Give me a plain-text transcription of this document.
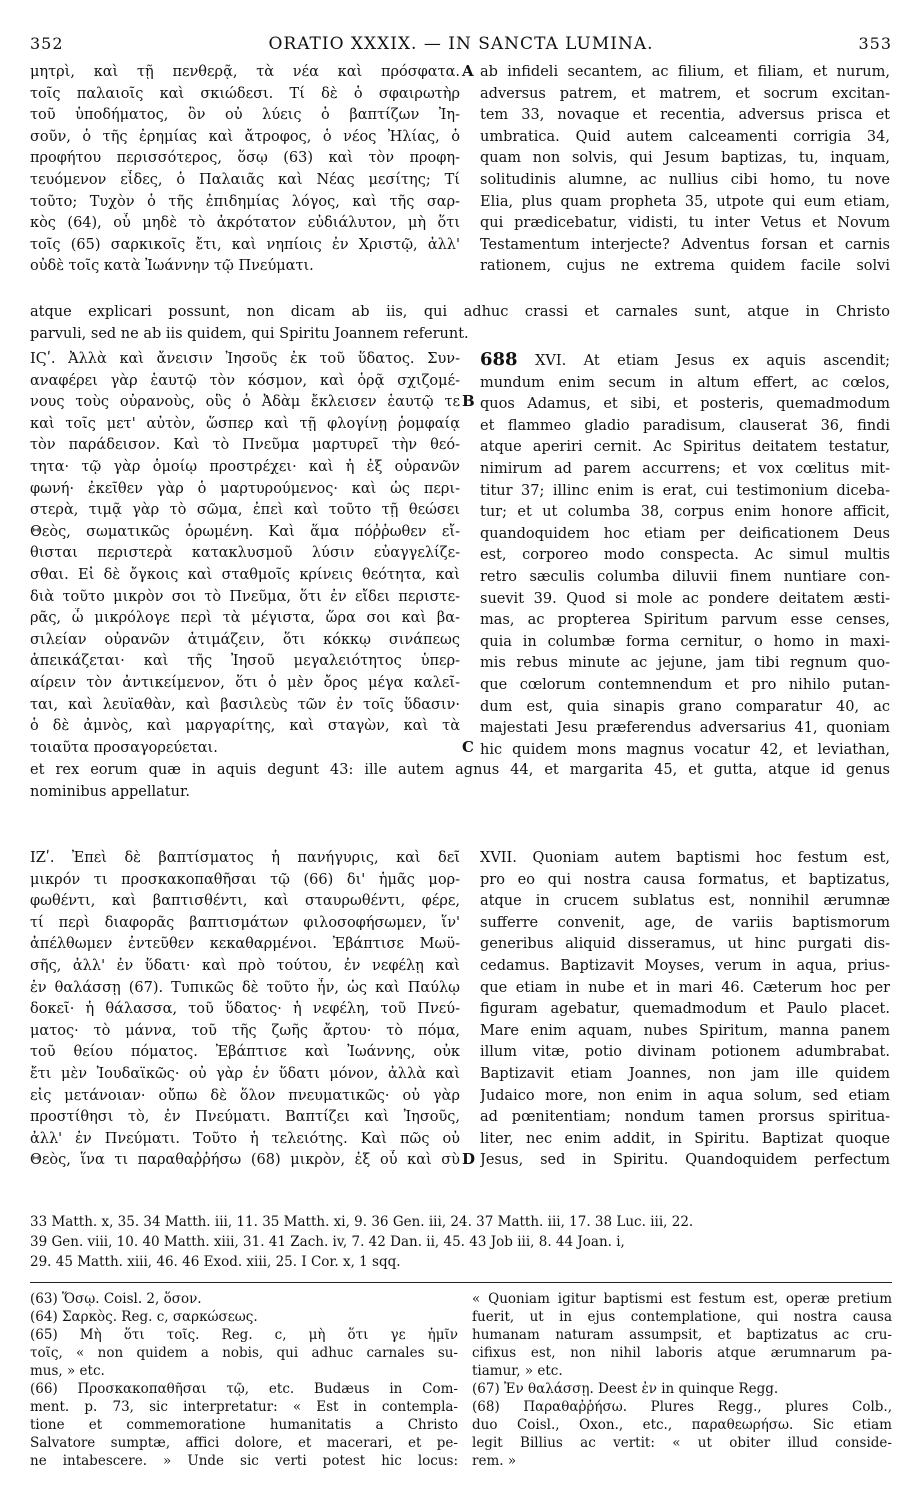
352	ORATIO XXXIX. — IN SANCTA LUMINA.	353
μητρὶ, καὶ τῇ πενθερᾷ, τὰ νέα καὶ πρόσφατα.
τοῖς παλαιοῖς καὶ σκιώδεσι. Τί δὲ ὁ σφαιρωτὴρ
τοῦ ὑποδήματος, ὃν οὐ λύεις ὁ βαπτίζων Ἰη-
σοῦν, ὁ τῆς ἐρημίας καὶ ἄτροφος, ὁ νέος Ἠλίας, ὁ
προφήτου περισσότερος, ὅσῳ (63) καὶ τὸν προφη-
τευόμενον εἶδες, ὁ Παλαιᾶς καὶ Νέας μεσίτης; Τί
τοῦτο; Τυχὸν ὁ τῆς ἐπιδημίας λόγος, καὶ τῆς σαρ-
κὸς (64), οὗ μηδὲ τὸ ἀκρότατον εὐδιάλυτον, μὴ ὅτι
τοῖς (65) σαρκικοῖς ἔτι, καὶ νηπίοις ἐν Χριστῷ, ἀλλ'
οὐδὲ τοῖς κατὰ Ἰωάννην τῷ Πνεύματι.
A ab infideli secantem, ac filium, et filiam, et nurum,
adversus patrem, et matrem, et socrum excitan-
tem 33, novaque et recentia, adversus prisca et
umbratica. Quid autem calceamenti corrigia 34,
quam non solvis, qui Jesum baptizas, tu, inquam,
solitudinis alumne, ac nullius cibi homo, tu nove
Elia, plus quam propheta 35, utpote qui eum etiam,
qui prædicebatur, vidisti, tu inter Vetus et Novum
Testamentum interjecte? Adventus forsan et carnis
rationem, cujus ne extrema quidem facile solvi
atque explicari possunt, non dicam ab iis, qui adhuc crassi et carnales sunt, atque in Christo
parvuli, sed ne ab iis quidem, qui Spiritu Joannem referunt.
ΙϚʹ. Ἀλλὰ καὶ ἄνεισιν Ἰησοῦς ἐκ τοῦ ὕδατος. Συν-
αναφέρει γὰρ ἑαυτῷ τὸν κόσμον, καὶ ὁρᾷ σχιζομέ-
νους τοὺς οὐρανοὺς, οὓς ὁ Ἀδὰμ ἔκλεισεν ἑαυτῷ τε
καὶ τοῖς μετ' αὐτὸν, ὥσπερ καὶ τῇ φλογίνῃ ῥομφαίᾳ
τὸν παράδεισον. Καὶ τὸ Πνεῦμα μαρτυρεῖ τὴν θεό-
τητα· τῷ γὰρ ὁμοίῳ προστρέχει· καὶ ἡ ἐξ οὐρανῶν
φωνή· ἐκεῖθεν γὰρ ὁ μαρτυρούμενος· καὶ ὡς περι-
στερὰ, τιμᾷ γὰρ τὸ σῶμα, ἐπεὶ καὶ τοῦτο τῇ θεώσει
Θεὸς, σωματικῶς ὁρωμένη. Καὶ ἅμα πόῤῥωθεν εἴ-
θισται περιστερὰ κατακλυσμοῦ λύσιν εὐαγγελίζε-
σθαι. Εἰ δὲ ὄγκοις καὶ σταθμοῖς κρίνεις θεότητα, καὶ
διὰ τοῦτο μικρὸν σοι τὸ Πνεῦμα, ὅτι ἐν εἴδει περιστε-
ρᾶς, ὦ μικρόλογε περὶ τὰ μέγιστα, ὥρα σοι καὶ βα-
σιλείαν οὐρανῶν ἀτιμάζειν, ὅτι κόκκῳ σινάπεως
ἀπεικάζεται· καὶ τῆς Ἰησοῦ μεγαλειότητος ὑπερ-
αίρειν τὸν ἀντικείμενον, ὅτι ὁ μὲν ὄρος μέγα καλεῖ-
ται, καὶ λευϊαθὰν, καὶ βασιλεὺς τῶν ἐν τοῖς ὕδασιν·
ὁ δὲ ἀμνὸς, καὶ μαργαρίτης, καὶ σταγὼν, καὶ τὰ
τοιαῦτα προσαγορεύεται.
B
C
688 XVI. At etiam Jesus ex aquis ascendit;
mundum enim secum in altum effert, ac cœlos,
quos Adamus, et sibi, et posteris, quemadmodum
et flammeo gladio paradisum, clauserat 36, findi
atque aperiri cernit. Ac Spiritus deitatem testatur,
nimirum ad parem accurrens; et vox cœlitus mit-
titur 37; illinc enim is erat, cui testimonium diceba-
tur; et ut columba 38, corpus enim honore afficit,
quandoquidem hoc etiam per deificationem Deus
est, corporeo modo conspecta. Ac simul multis
retro sæculis columba diluvii finem nuntiare con-
suevit 39. Quod si mole ac pondere deitatem æsti-
mas, ac propterea Spiritum parvum esse censes,
quia in columbæ forma cernitur, o homo in maxi-
mis rebus minute ac jejune, jam tibi regnum quo-
que cœlorum contemnendum et pro nihilo putan-
dum est, quia sinapis grano comparatur 40, ac
majestati Jesu præferendus adversarius 41, quoniam
hic quidem mons magnus vocatur 42, et leviathan,
et rex eorum quæ in aquis degunt 43: ille autem agnus 44, et margarita 45, et gutta, atque id genus
nominibus appellatur.
ΙΖʹ. Ἐπεὶ δὲ βαπτίσματος ἡ πανήγυρις, καὶ δεῖ
μικρόν τι προσκακοπαθῆσαι τῷ (66) δι' ἡμᾶς μορ-
φωθέντι, καὶ βαπτισθέντι, καὶ σταυρωθέντι, φέρε,
τί περὶ διαφορᾶς βαπτισμάτων φιλοσοφήσωμεν, ἵν'
ἀπέλθωμεν ἐντεῦθεν κεκαθαρμένοι. Ἐβάπτισε Μωϋ-
σῆς, ἀλλ' ἐν ὕδατι· καὶ πρὸ τούτου, ἐν νεφέλῃ καὶ
ἐν θαλάσσῃ (67). Τυπικῶς δὲ τοῦτο ἦν, ὡς καὶ Παύλῳ
δοκεῖ· ἡ θάλασσα, τοῦ ὕδατος· ἡ νεφέλη, τοῦ Πνεύ-
ματος· τὸ μάννα, τοῦ τῆς ζωῆς ἄρτου· τὸ πόμα,
τοῦ θείου πόματος. Ἐβάπτισε καὶ Ἰωάννης, οὐκ
ἔτι μὲν Ἰουδαϊκῶς· οὐ γὰρ ἐν ὕδατι μόνον, ἀλλὰ καὶ
εἰς μετάνοιαν· οὔπω δὲ ὅλον πνευματικῶς· οὐ γὰρ
προστίθησι τὸ, ἐν Πνεύματι. Βαπτίζει καὶ Ἰησοῦς,
ἀλλ' ἐν Πνεύματι. Τοῦτο ἡ τελειότης. Καὶ πῶς οὐ
Θεὸς, ἵνα τι παραθαῤῥήσω (68) μικρὸν, ἐξ οὗ καὶ σὺ D
XVII. Quoniam autem baptismi hoc festum est,
pro eo qui nostra causa formatus, et baptizatus,
atque in crucem sublatus est, nonnihil ærumnæ
sufferre convenit, age, de variis baptismorum
generibus aliquid disseramus, ut hinc purgati dis-
cedamus. Baptizavit Moyses, verum in aqua, prius-
que etiam in nube et in mari 46. Cæterum hoc per
figuram agebatur, quemadmodum et Paulo placet.
Mare enim aquam, nubes Spiritum, manna panem
illum vitæ, potio divinam potionem adumbrabat.
Baptizavit etiam Joannes, non jam ille quidem
Judaico more, non enim in aqua solum, sed etiam
ad pœnitentiam; nondum tamen prorsus spiritua-
liter, nec enim addit, in Spiritu. Baptizat quoque
Jesus, sed in Spiritu. Quandoquidem perfectum
33 Matth. x, 35. 34 Matth. iii, 11. 35 Matth. xi, 9. 36 Gen. iii, 24. 37 Matth. iii, 17. 38 Luc. iii, 22.
39 Gen. viii, 10. 40 Matth. xiii, 31. 41 Zach. iv, 7. 42 Dan. ii, 45. 43 Job iii, 8. 44 Joan. i,
29. 45 Matth. xiii, 46. 46 Exod. xiii, 25. I Cor. x, 1 sqq.
(63) Ὅσῳ. Coisl. 2, ὅσον.
(64) Σαρκὸς. Reg. c, σαρκώσεως.
(65) Μὴ ὅτι τοῖς. Reg. c, μὴ ὅτι γε ἡμῖν
τοῖς, « non quidem a nobis, qui adhuc carnales su-
mus, » etc.
(66) Προσκακοπαθῆσαι τῷ, etc. Budæus in Com-
ment. p. 73, sic interpretatur: « Est in contempla-
tione et commemoratione humanitatis a Christo
Salvatore sumptæ, affici dolore, et macerari, et pe-
ne intabescere. » Unde sic verti potest hic locus:
« Quoniam igitur baptismi est festum est, operæ pretium
fuerit, ut in ejus contemplatione, qui nostra causa
humanam naturam assumpsit, et baptizatus ac cru-
cifixus est, non nihil laboris atque ærumnarum pa-
tiamur, » etc.
(67) Ἐν θαλάσσῃ. Deest ἐν in quinque Regg.
(68) Παραθαῤῥήσω. Plures Regg., plures Colb.,
duo Coisl., Oxon., etc., παραθεωρήσω. Sic etiam
legit Billius ac vertit: « ut obiter illud conside-
rem. »
